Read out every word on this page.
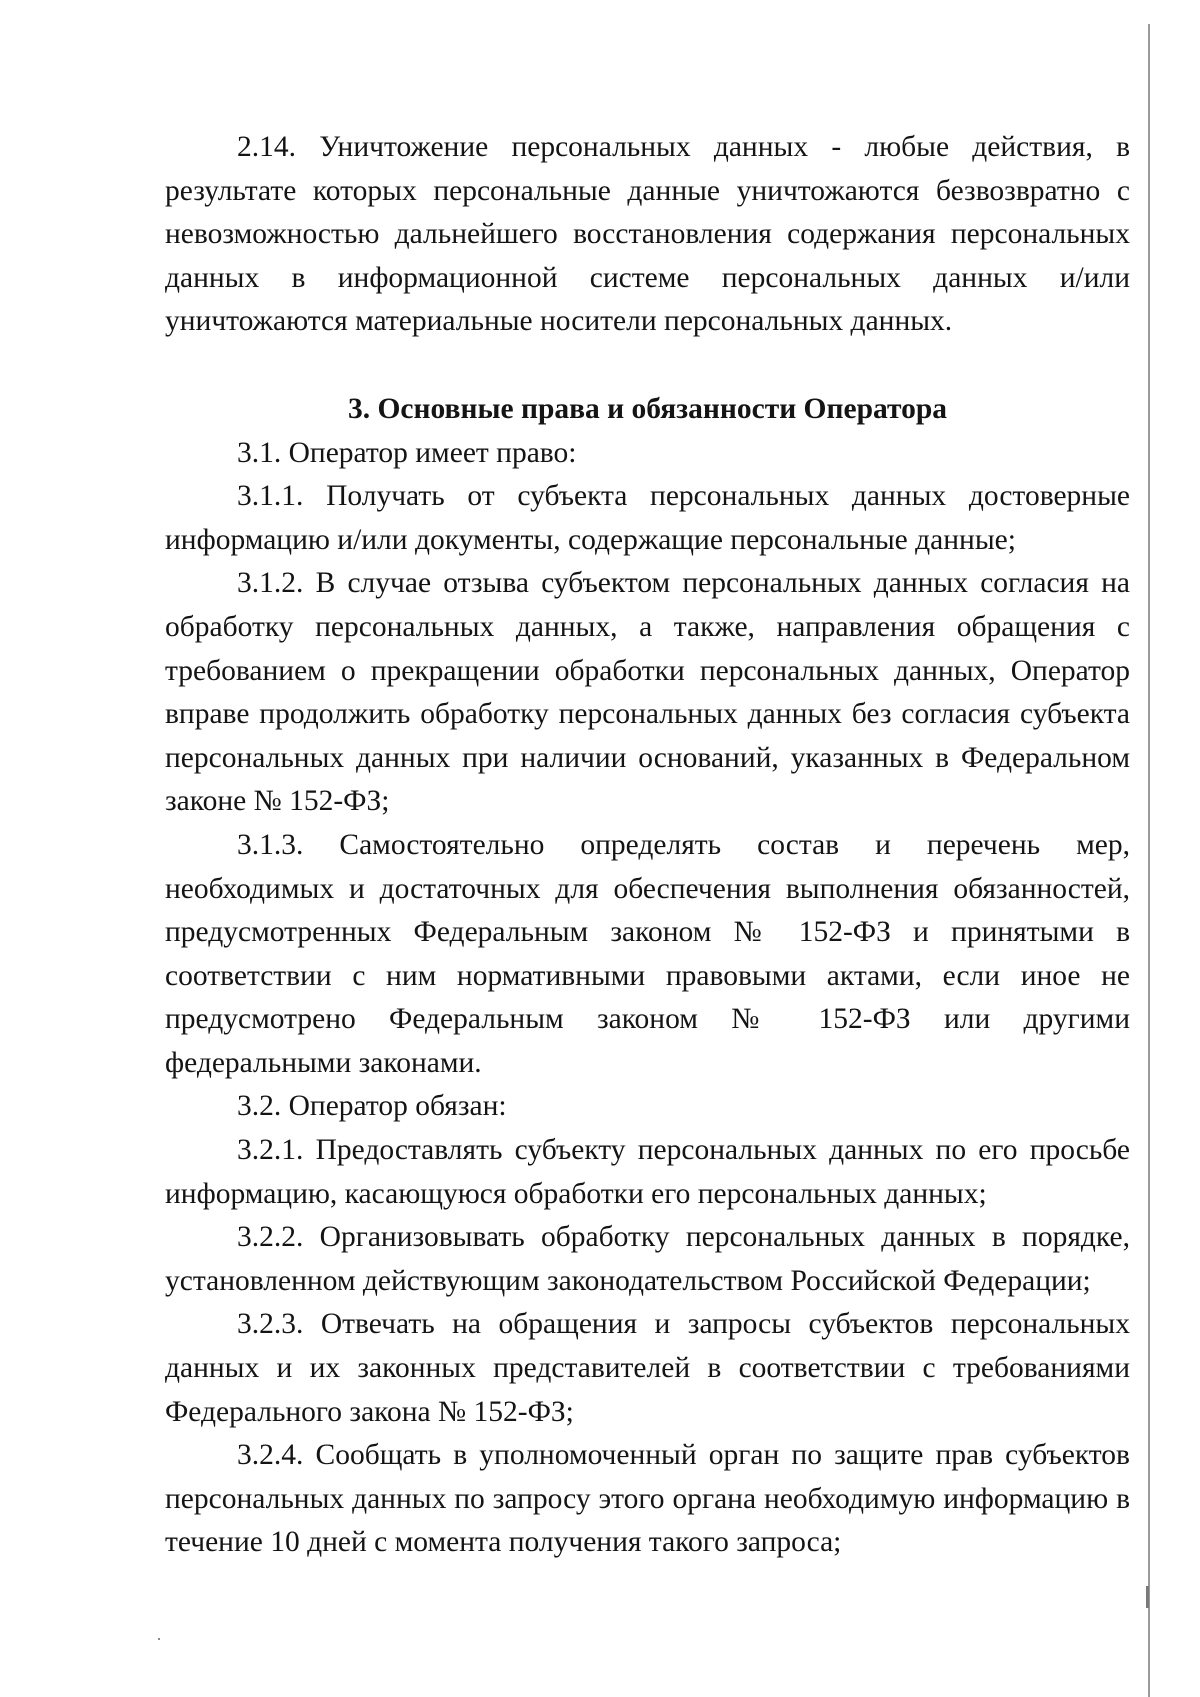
2.14. Уничтожение персональных данных - любые действия, в результате которых персональные данные уничтожаются безвозвратно с невозможностью дальнейшего восстановления содержания персональных данных в информационной системе персональных данных и/или уничтожаются материальные носители персональных данных.

3. Основные права и обязанности Оператора

3.1. Оператор имеет право:

3.1.1. Получать от субъекта персональных данных достоверные информацию и/или документы, содержащие персональные данные;

3.1.2. В случае отзыва субъектом персональных данных согласия на обработку персональных данных, а также, направления обращения с требованием о прекращении обработки персональных данных, Оператор вправе продолжить обработку персональных данных без согласия субъекта персональных данных при наличии оснований, указанных в Федеральном законе № 152-ФЗ;

3.1.3. Самостоятельно определять состав и перечень мер, необходимых и достаточных для обеспечения выполнения обязанностей, предусмотренных Федеральным законом № 152-ФЗ и принятыми в соответствии с ним нормативными правовыми актами, если иное не предусмотрено Федеральным законом № 152-ФЗ или другими федеральными законами.

3.2. Оператор обязан:

3.2.1. Предоставлять субъекту персональных данных по его просьбе информацию, касающуюся обработки его персональных данных;

3.2.2. Организовывать обработку персональных данных в порядке, установленном действующим законодательством Российской Федерации;

3.2.3. Отвечать на обращения и запросы субъектов персональных данных и их законных представителей в соответствии с требованиями Федерального закона № 152-ФЗ;

3.2.4. Сообщать в уполномоченный орган по защите прав субъектов персональных данных по запросу этого органа необходимую информацию в течение 10 дней с момента получения такого запроса;
